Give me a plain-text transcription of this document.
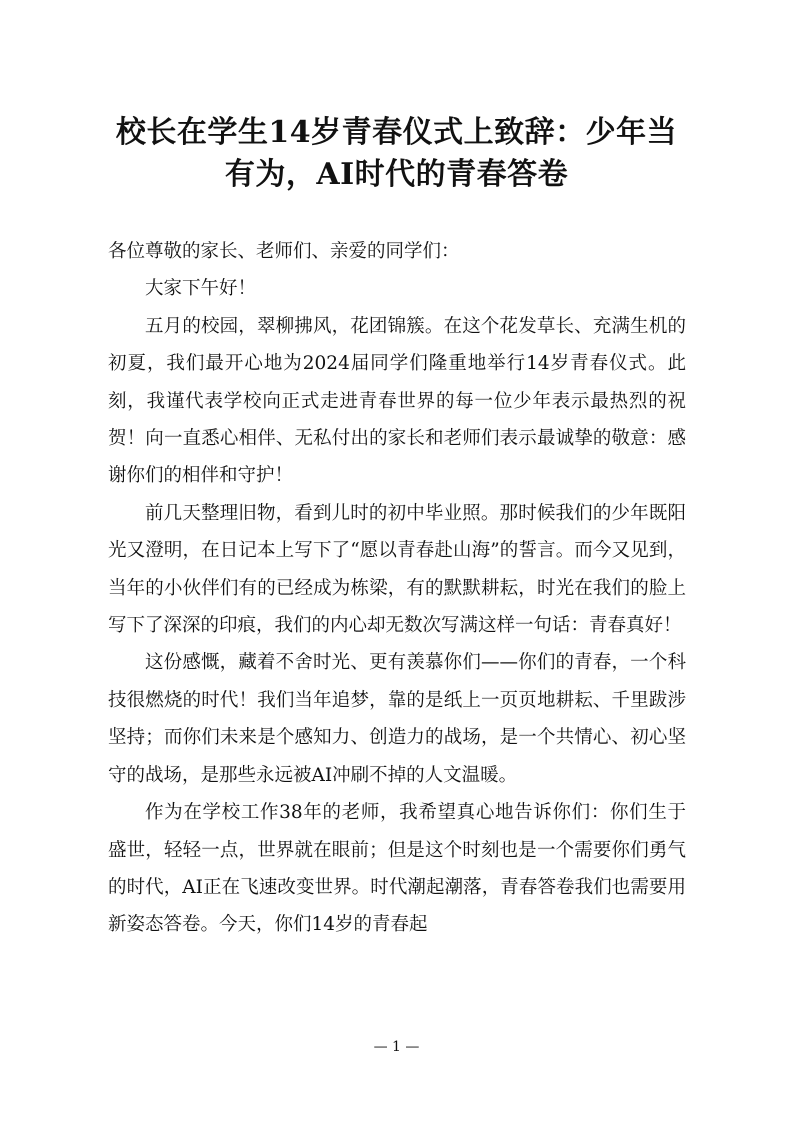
校长在学生14岁青春仪式上致辞：少年当
有为，AI时代的青春答卷

各位尊敬的家长、老师们、亲爱的同学们：

大家下午好！

五月的校园，翠柳拂风，花团锦簇。在这个花发草长、充满生机的初夏，我们最开心地为2024届同学们隆重地举行14岁青春仪式。此刻，我谨代表学校向正式走进青春世界的每一位少年表示最热烈的祝贺！向一直悉心相伴、无私付出的家长和老师们表示最诚挚的敬意：感谢你们的相伴和守护！

前几天整理旧物，看到儿时的初中毕业照。那时候我们的少年既阳光又澄明，在日记本上写下了“愿以青春赴山海”的誓言。而今又见到，当年的小伙伴们有的已经成为栋梁，有的默默耕耘，时光在我们的脸上写下了深深的印痕，我们的内心却无数次写满这样一句话：青春真好！

这份感慨，藏着不舍时光、更有羡慕你们——你们的青春，一个科技很燃烧的时代！我们当年追梦，靠的是纸上一页页地耕耘、千里跋涉坚持；而你们未来是个感知力、创造力的战场，是一个共情心、初心坚守的战场，是那些永远被AI冲刷不掉的人文温暖。

作为在学校工作38年的老师，我希望真心地告诉你们：你们生于盛世，轻轻一点，世界就在眼前；但是这个时刻也是一个需要你们勇气的时代，AI正在飞速改变世界。时代潮起潮落，青春答卷我们也需要用新姿态答卷。今天，你们14岁的青春起

— 1 —
